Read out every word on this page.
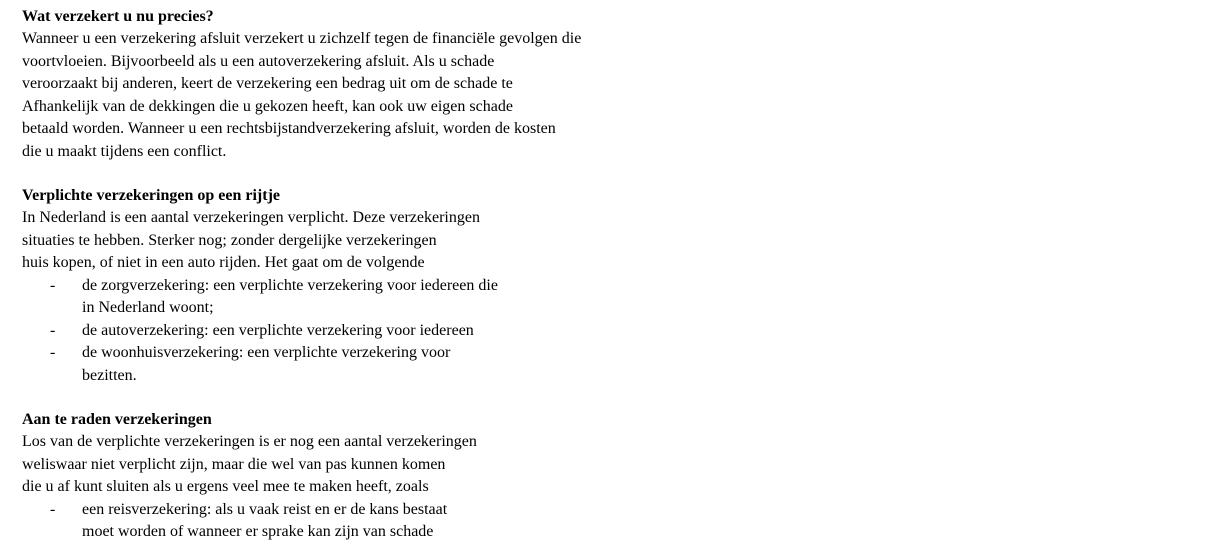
Wat verzekert u nu precies?
Wanneer u een verzekering afsluit verzekert u zichzelf tegen de financiële gevolgen die
voortvloeien. Bijvoorbeeld als u een autoverzekering afsluit. Als u schade
veroorzaakt bij anderen, keert de verzekering een bedrag uit om de schade te
Afhankelijk van de dekkingen die u gekozen heeft, kan ook uw eigen schade
betaald worden. Wanneer u een rechtsbijstandverzekering afsluit, worden de kosten
die u maakt tijdens een conflict.
Verplichte verzekeringen op een rijtje
In Nederland is een aantal verzekeringen verplicht. Deze verzekeringen
situaties te hebben. Sterker nog; zonder dergelijke verzekeringen
huis kopen, of niet in een auto rijden. Het gaat om de volgende
-	de zorgverzekering: een verplichte verzekering voor iedereen die
in Nederland woont;
-	de autoverzekering: een verplichte verzekering voor iedereen
-	de woonhuisverzekering: een verplichte verzekering voor
bezitten.
Aan te raden verzekeringen
Los van de verplichte verzekeringen is er nog een aantal verzekeringen
weliswaar niet verplicht zijn, maar die wel van pas kunnen komen
die u af kunt sluiten als u ergens veel mee te maken heeft, zoals
-	een reisverzekering: als u vaak reist en er de kans bestaat
moet worden of wanneer er sprake kan zijn van schade
